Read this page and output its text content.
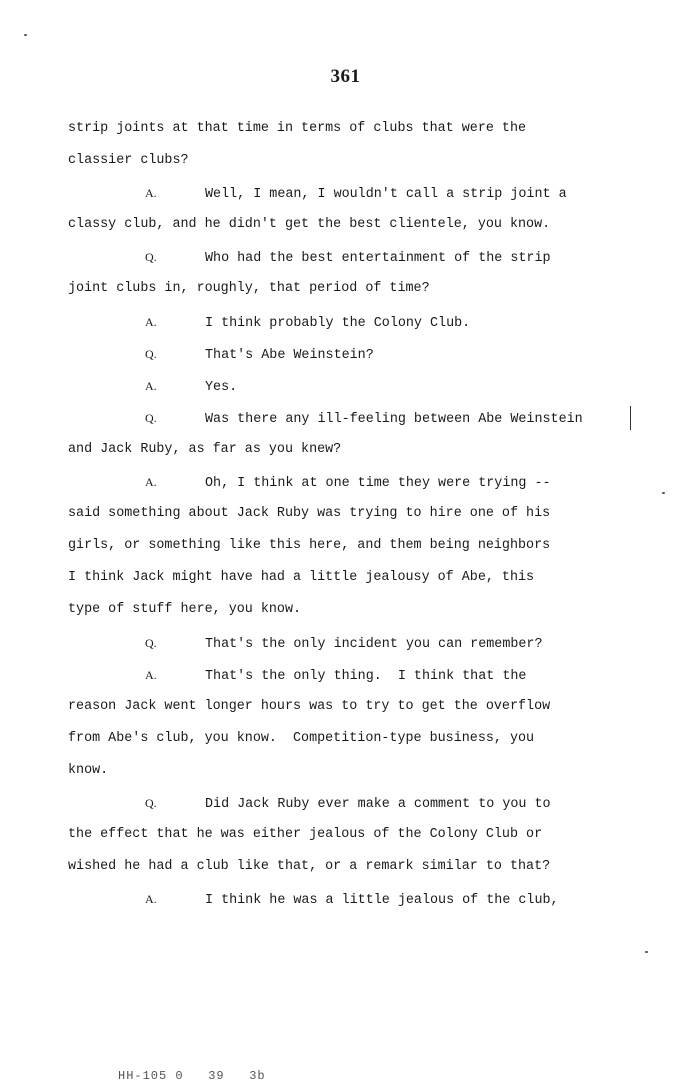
361
strip joints at that time in terms of clubs that were the
classier clubs?
A.	Well, I mean, I wouldn't call a strip joint a
classy club, and he didn't get the best clientele, you know.
Q.	Who had the best entertainment of the strip
joint clubs in, roughly, that period of time?
A.	I think probably the Colony Club.
Q.	That's Abe Weinstein?
A.	Yes.
Q.	Was there any ill-feeling between Abe Weinstein
and Jack Ruby, as far as you knew?
A.	Oh, I think at one time they were trying --
said something about Jack Ruby was trying to hire one of his
girls, or something like this here, and them being neighbors
I think Jack might have had a little jealousy of Abe, this
type of stuff here, you know.
Q.	That's the only incident you can remember?
A.	That's the only thing.  I think that the
reason Jack went longer hours was to try to get the overflow
from Abe's club, you know.  Competition-type business, you
know.
Q.	Did Jack Ruby ever make a comment to you to
the effect that he was either jealous of the Colony Club or
wished he had a club like that, or a remark similar to that?
A.	I think he was a little jealous of the club,
HH-105 0   39   3b
